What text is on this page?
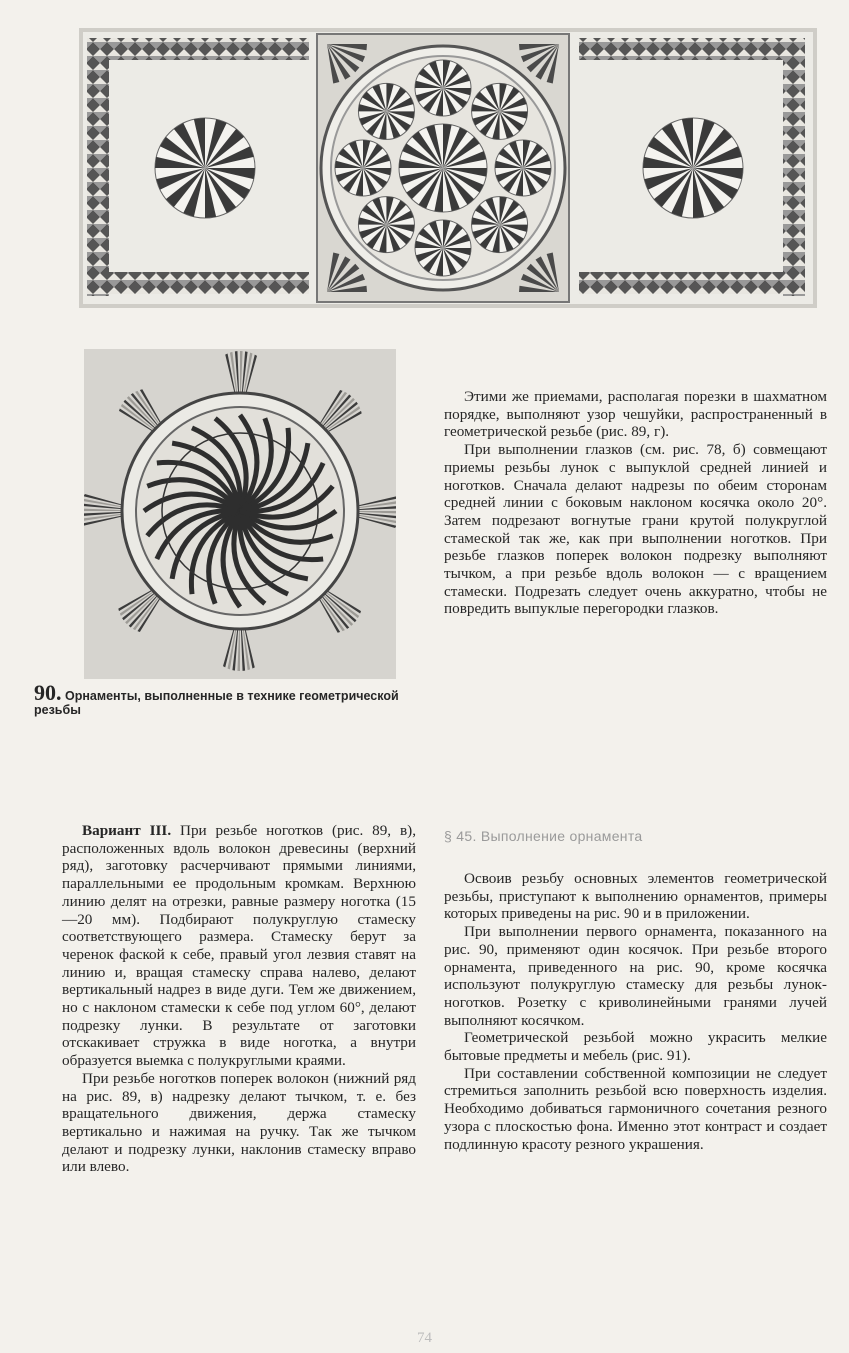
90. Орнаменты, выполненные в технике геометрической резьбы

Этими же приемами, располагая порезки в шахматном порядке, выполняют узор чешуйки, распространенный в геометрической резьбе (рис. 89, г).

При выполнении глазков (см. рис. 78, б) совмещают приемы резьбы лунок с выпуклой средней линией и ноготков. Сначала делают надрезы по обеим сторонам средней линии с боковым наклоном косячка около 20°. Затем подрезают вогнутые грани крутой полукруглой стамеской так же, как при выполнении ноготков. При резьбе глазков поперек волокон подрезку выполняют тычком, а при резьбе вдоль волокон — с вращением стамески. Подрезать следует очень аккуратно, чтобы не повредить выпуклые перегородки глазков.

Вариант III. При резьбе ноготков (рис. 89, в), расположенных вдоль волокон древесины (верхний ряд), заготовку расчерчивают прямыми линиями, параллельными ее продольным кромкам. Верхнюю линию делят на отрезки, равные размеру ноготка (15—20 мм). Подбирают полукруглую стамеску соответствующего размера. Стамеску берут за черенок фаской к себе, правый угол лезвия ставят на линию и, вращая стамеску справа налево, делают вертикальный надрез в виде дуги. Тем же движением, но с наклоном стамески к себе под углом 60°, делают подрезку лунки. В результате от заготовки отскакивает стружка в виде ноготка, а внутри образуется выемка с полукруглыми краями.

При резьбе ноготков поперек волокон (нижний ряд на рис. 89, в) надрезку делают тычком, т. е. без вращательного движения, держа стамеску вертикально и нажимая на ручку. Так же тычком делают и подрезку лунки, наклонив стамеску вправо или влево.

§ 45. Выполнение орнамента

Освоив резьбу основных элементов геометрической резьбы, приступают к выполнению орнаментов, примеры которых приведены на рис. 90 и в приложении.

При выполнении первого орнамента, показанного на рис. 90, применяют один косячок. При резьбе второго орнамента, приведенного на рис. 90, кроме косячка используют полукруглую стамеску для резьбы лунок-ноготков. Розетку с криволинейными гранями лучей выполняют косячком.

Геометрической резьбой можно украсить мелкие бытовые предметы и мебель (рис. 91).

При составлении собственной композиции не следует стремиться заполнить резьбой всю поверхность изделия. Необходимо добиваться гармоничного сочетания резного узора с плоскостью фона. Именно этот контраст и создает подлинную красоту резного украшения.

74
